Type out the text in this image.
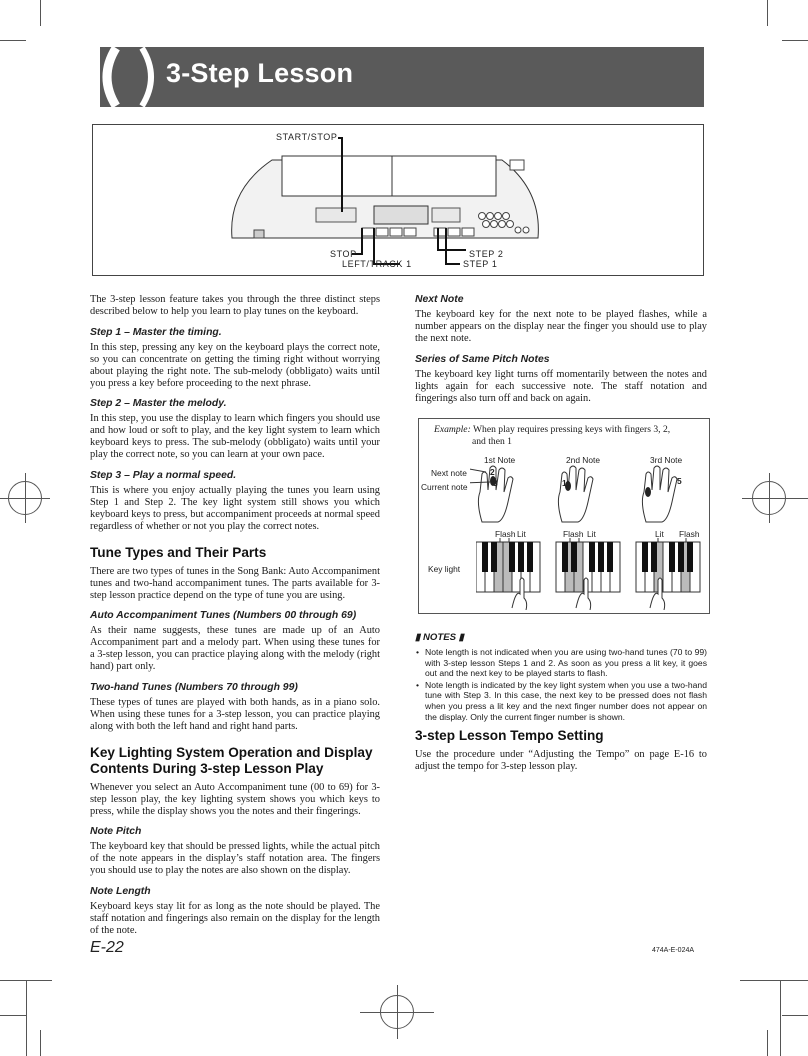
3-Step Lesson
START/STOP
STOP
LEFT/TRACK 1
STEP 2
STEP 1

The 3-step lesson feature takes you through the three distinct steps described below to help you learn to play tunes on the keyboard.

Step 1 – Master the timing.

In this step, pressing any key on the keyboard plays the correct note, so you can concentrate on getting the timing right without worrying about playing the right note. The sub-melody (obbligato) waits until you press a key before proceeding to the next phrase.

Step 2 – Master the melody.

In this step, you use the display to learn which fingers you should use and how loud or soft to play, and the key light system to learn which keyboard keys to press. The sub-melody (obbligato) waits until your play the correct note, so you can learn at your own pace.

Step 3 – Play a normal speed.

This is where you enjoy actually playing the tunes you learn using Step 1 and Step 2. The key light system still shows you which keyboard keys to press, but accompaniment proceeds at normal speed regardless of whether or not you play the correct notes.

Tune Types and Their Parts

There are two types of tunes in the Song Bank: Auto Accompaniment tunes and two-hand accompaniment tunes. The parts available for 3-step lesson practice depend on the type of tune you are using.

Auto Accompaniment Tunes (Numbers 00 through 69)

As their name suggests, these tunes are made up of an Auto Accompaniment part and a melody part. When using these tunes for a 3-step lesson, you can practice playing along with the melody (right hand) part only.

Two-hand Tunes (Numbers 70 through 99)

These types of tunes are played with both hands, as in a piano solo. When using these tunes for a 3-step lesson, you can practice playing along with both the left hand and right hand parts.

Key Lighting System Operation and Display Contents During 3-step Lesson Play

Whenever you select an Auto Accompaniment tune (00 to 69) for 3-step lesson play, the key lighting system shows you which keys to press, while the display shows you the notes and their fingerings.

Note Pitch

The keyboard key that should be pressed lights, while the actual pitch of the note appears in the display’s staff notation area. The fingers you should use to play the notes are also shown on the display.

Note Length

Keyboard keys stay lit for as long as the note should be played. The staff notation and fingerings also remain on the display for the length of the note.

Next Note

The keyboard key for the next note to be played flashes, while a number appears on the display near the finger you should use to play the next note.

Series of Same Pitch Notes

The keyboard key light turns off momentarily between the notes and lights again for each successive note. The staff notation and fingerings also turn off and back on again.

Example: When play requires pressing keys with fingers 3, 2,
and then 1
1st Note	2nd Note	3rd Note
Next note
Current note
2
3	1	5
Flash Lit	Flash Lit	Lit Flash
Key light
▮ NOTES ▮
• Note length is not indicated when you are using two-hand tunes (70 to 99) with 3-step lesson Steps 1 and 2. As soon as you press a lit key, it goes out and the next key to be played starts to flash.
• Note length is indicated by the key light system when you use a two-hand tune with Step 3. In this case, the next key to be pressed does not flash when you press a lit key and the next finger number does not appear on the display. Only the current finger number is shown.
3-step Lesson Tempo Setting

Use the procedure under “Adjusting the Tempo” on page E-16 to adjust the tempo for 3-step lesson play.

E-22	474A-E-024A
